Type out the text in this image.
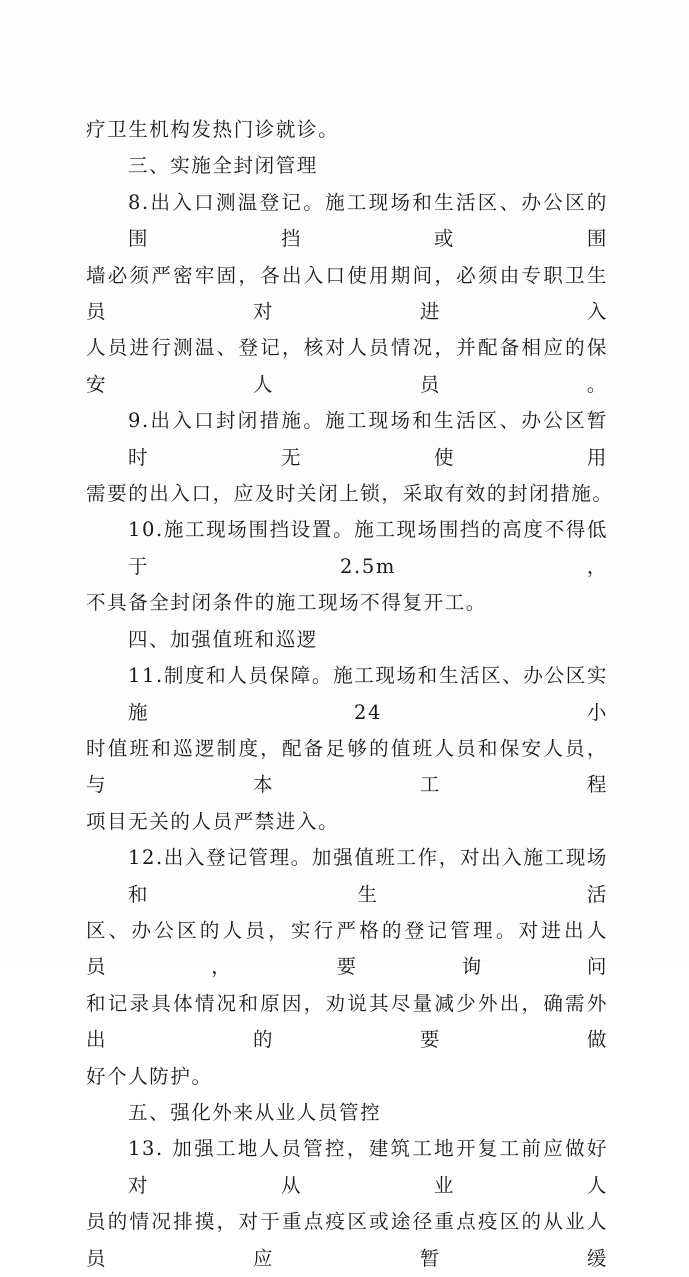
疗卫生机构发热门诊就诊。
三、实施全封闭管理
8.出入口测温登记。施工现场和生活区、办公区的围挡或围
墙必须严密牢固，各出入口使用期间，必须由专职卫生员对进入
人员进行测温、登记，核对人员情况，并配备相应的保安人员。
9.出入口封闭措施。施工现场和生活区、办公区暂时无使用
需要的出入口，应及时关闭上锁，采取有效的封闭措施。
10.施工现场围挡设置。施工现场围挡的高度不得低于2.5m，
不具备全封闭条件的施工现场不得复开工。
四、加强值班和巡逻
11.制度和人员保障。施工现场和生活区、办公区实施24小
时值班和巡逻制度，配备足够的值班人员和保安人员，与本工程
项目无关的人员严禁进入。
12.出入登记管理。加强值班工作，对出入施工现场和生活
区、办公区的人员，实行严格的登记管理。对进出人员，要询问
和记录具体情况和原因，劝说其尽量减少外出，确需外出的要做
好个人防护。
五、强化外来从业人员管控
13. 加强工地人员管控，建筑工地开复工前应做好对从业人
员的情况排摸，对于重点疫区或途径重点疫区的从业人员应暂缓
